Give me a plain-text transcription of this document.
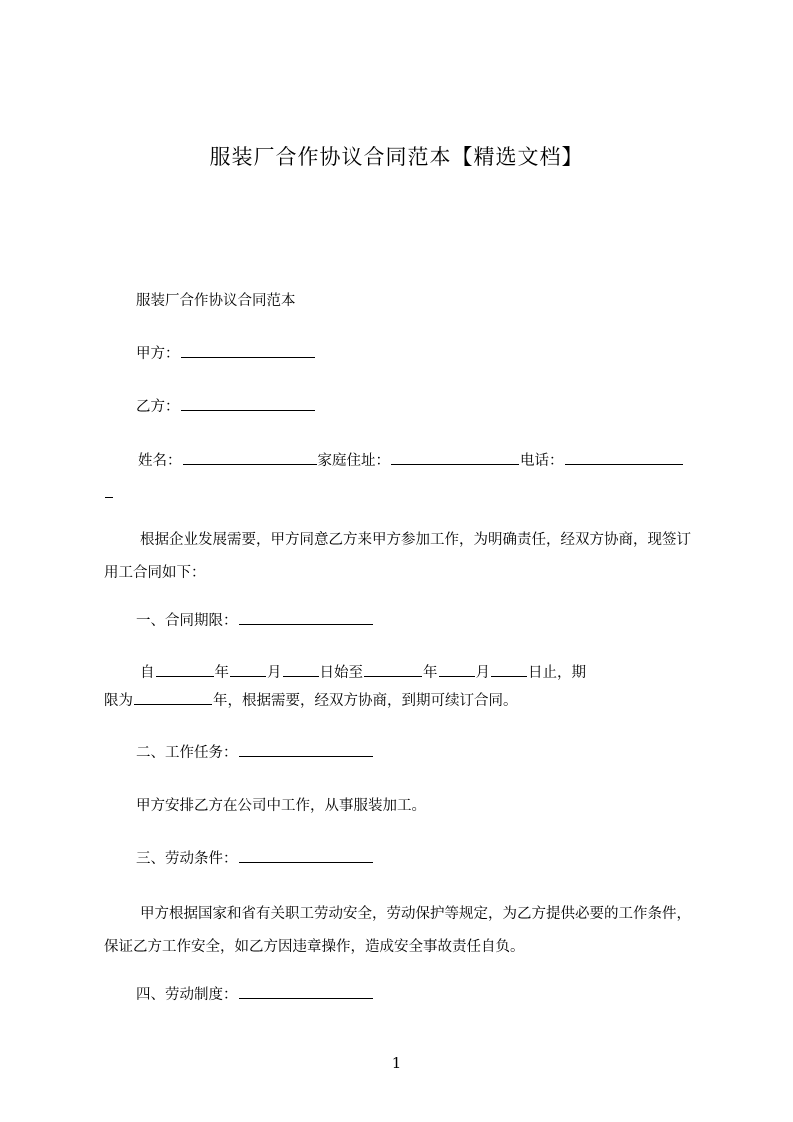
服装厂合作协议合同范本【精选文档】

服装厂合作协议合同范本

甲方：

乙方：

姓名：	家庭住址：	电话：

根据企业发展需要，甲方同意乙方来甲方参加工作，为明确责任，经双方协商，现签订用工合同如下：

一、合同期限：

自	年	月	日始至	年	月	日止，期

限为	年，根据需要，经双方协商，到期可续订合同。

二、工作任务：

甲方安排乙方在公司中工作，从事服装加工。

三、劳动条件：

甲方根据国家和省有关职工劳动安全，劳动保护等规定，为乙方提供必要的工作条件，保证乙方工作安全，如乙方因违章操作，造成安全事故责任自负。

四、劳动制度：

1
